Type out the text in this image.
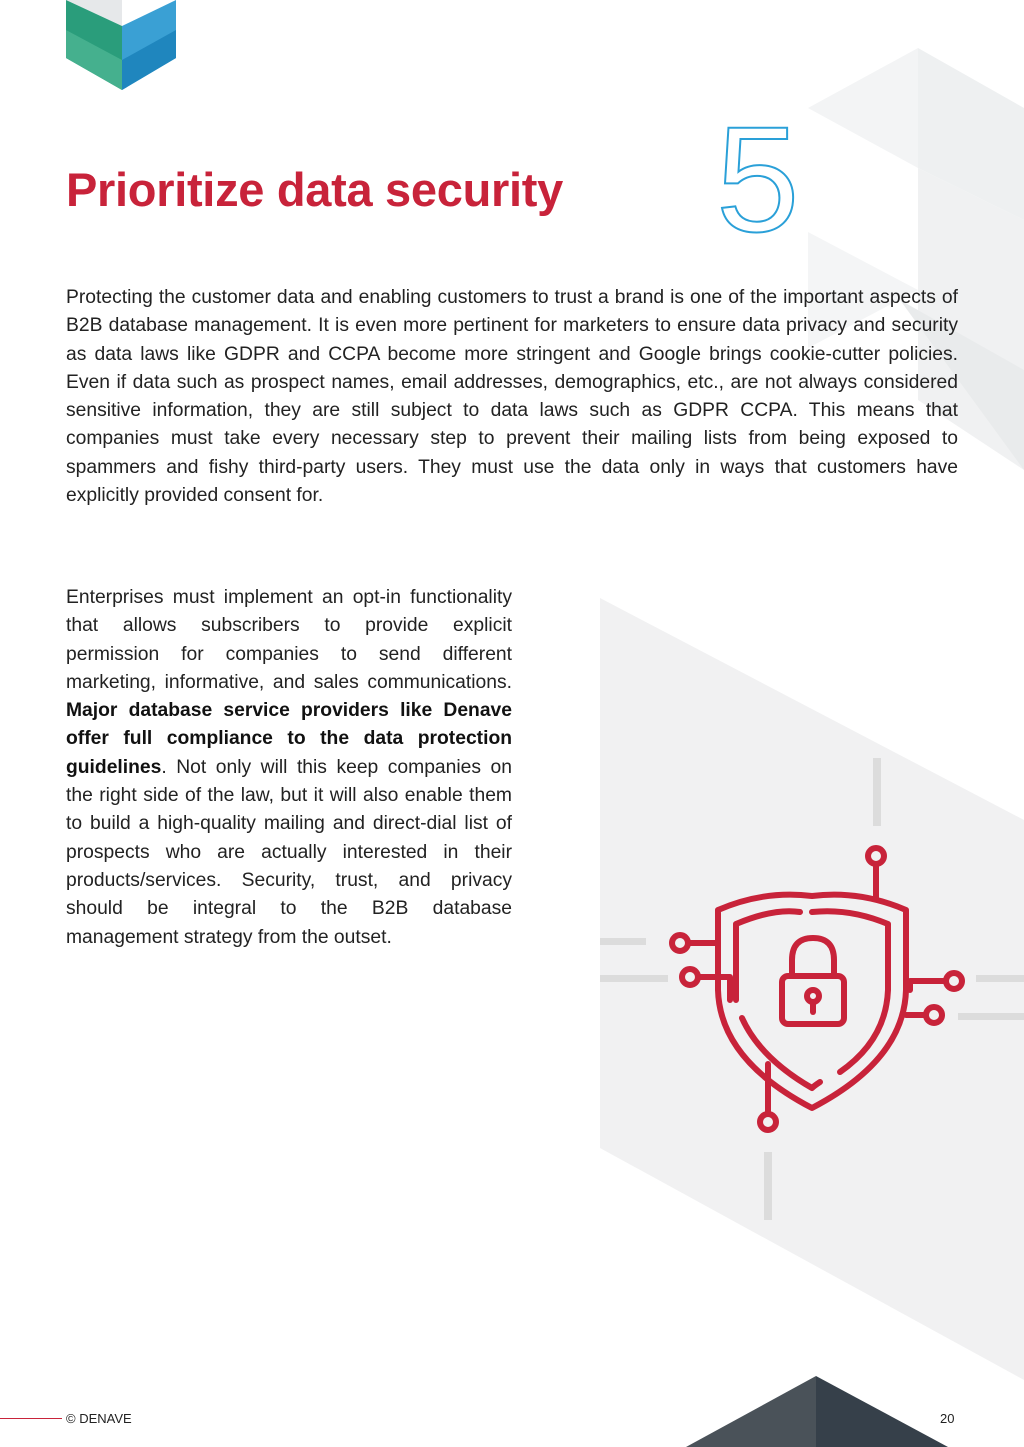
Prioritize data security 5

Protecting the customer data and enabling customers to trust a brand is one of the important aspects of B2B database management. It is even more pertinent for marketers to ensure data privacy and security as data laws like GDPR and CCPA become more stringent and Google brings cookie-cutter policies. Even if data such as prospect names, email addresses, demographics, etc., are not always considered sensitive information, they are still subject to data laws such as GDPR CCPA. This means that companies must take every necessary step to prevent their mailing lists from being exposed to spammers and fishy third-party users. They must use the data only in ways that customers have explicitly provided consent for.

Enterprises must implement an opt-in functionality that allows subscribers to provide explicit permission for companies to send different marketing, informative, and sales communications. Major database service providers like Denave offer full compliance to the data protection guidelines. Not only will this keep companies on the right side of the law, but it will also enable them to build a high-quality mailing and direct-dial list of prospects who are actually interested in their products/services. Security, trust, and privacy should be integral to the B2B database management strategy from the outset.

© DENAVE	20
